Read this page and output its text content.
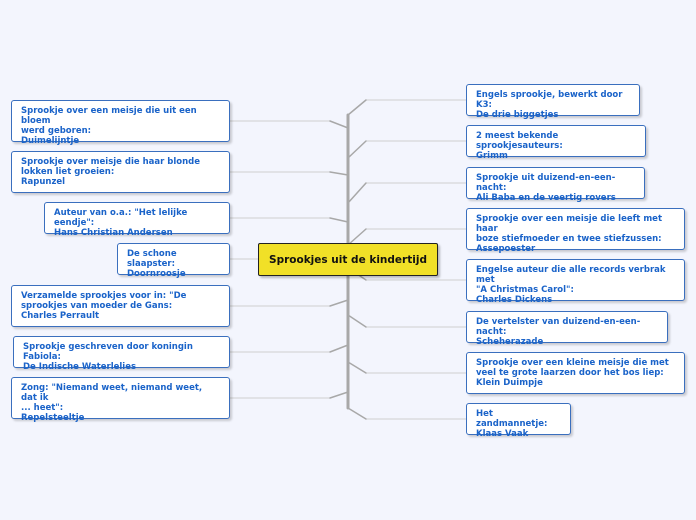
Sprookjes uit de kindertijd
Sprookje over een meisje die uit een bloem
werd geboren:
Duimelijntje
Sprookje over meisje die haar blonde
lokken liet groeien:
Rapunzel
Auteur van o.a.: "Het lelijke eendje":
Hans Christian Andersen
De schone slaapster:
Doornroosje
Verzamelde sprookjes voor in: "De
sprookjes van moeder de Gans:
Charles Perrault
Sprookje geschreven door koningin Fabiola:
De Indische Waterlelies
Zong: "Niemand weet, niemand weet, dat ik
... heet":
Repelsteeltje
Engels sprookje, bewerkt door K3:
De drie biggetjes
2 meest bekende sprookjesauteurs:
Grimm
Sprookje uit duizend-en-een-nacht:
Ali Baba en de veertig rovers
Sprookje over een meisje die leeft met haar
boze stiefmoeder en twee stiefzussen:
Assepoester
Engelse auteur die alle records verbrak met
"A Christmas Carol":
Charles Dickens
De vertelster van duizend-en-een-nacht:
Scheherazade
Sprookje over een kleine meisje die met
veel te grote laarzen door het bos liep:
Klein Duimpje
Het zandmannetje:
Klaas Vaak
